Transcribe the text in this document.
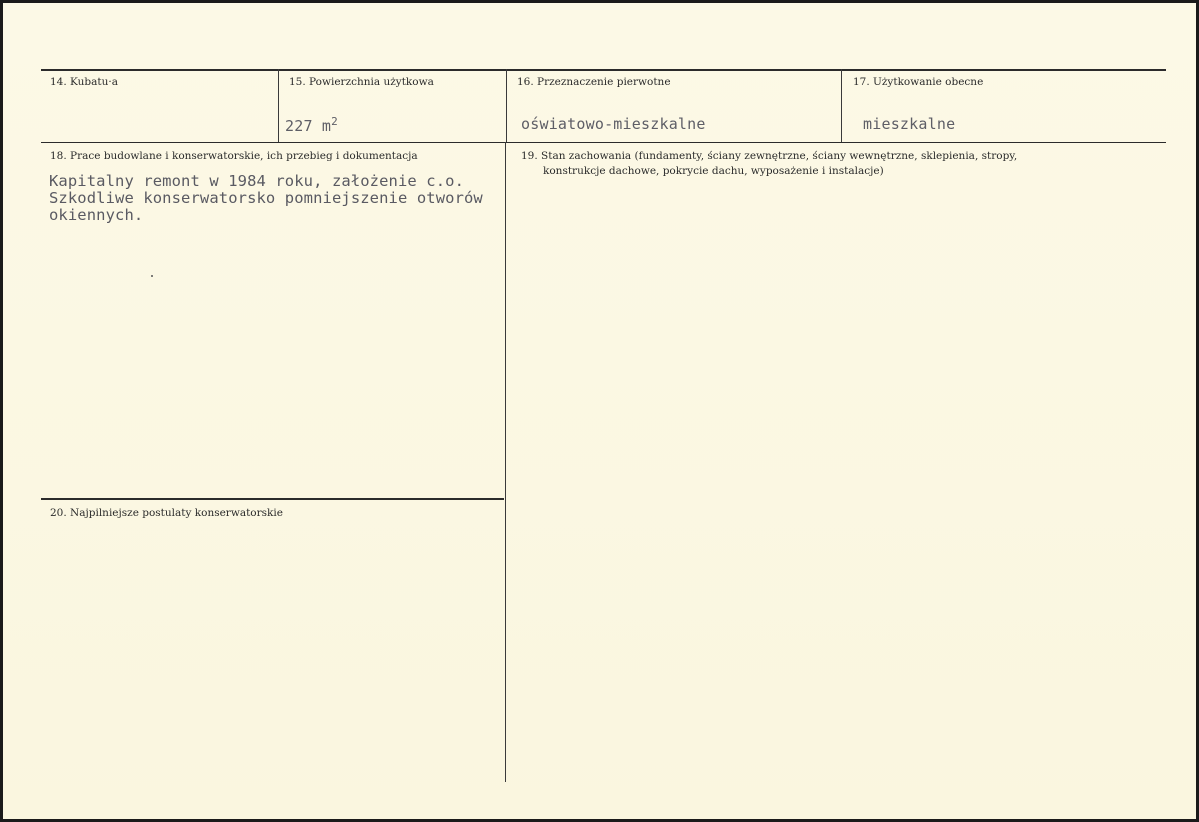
14. Kubatu·a	15. Powierzchnia użytkowa
227 $m^2$
16. Przeznaczenie pierwotne
oświatowo-mieszkalne
17. Użytkowanie obecne
mieszkalne
18. Prace budowlane i konserwatorskie, ich przebieg i dokumentacja
Kapitalny remont w 1984 roku, założenie c.o.
Szkodliwe konserwatorsko pomniejszenie otworów
okiennych.
19. Stan zachowania (fundamenty, ściany zewnętrzne, ściany wewnętrzne, sklepienia, stropy,
konstrukcje dachowe, pokrycie dachu, wyposażenie i instalacje)
20. Najpilniejsze postulaty konserwatorskie
